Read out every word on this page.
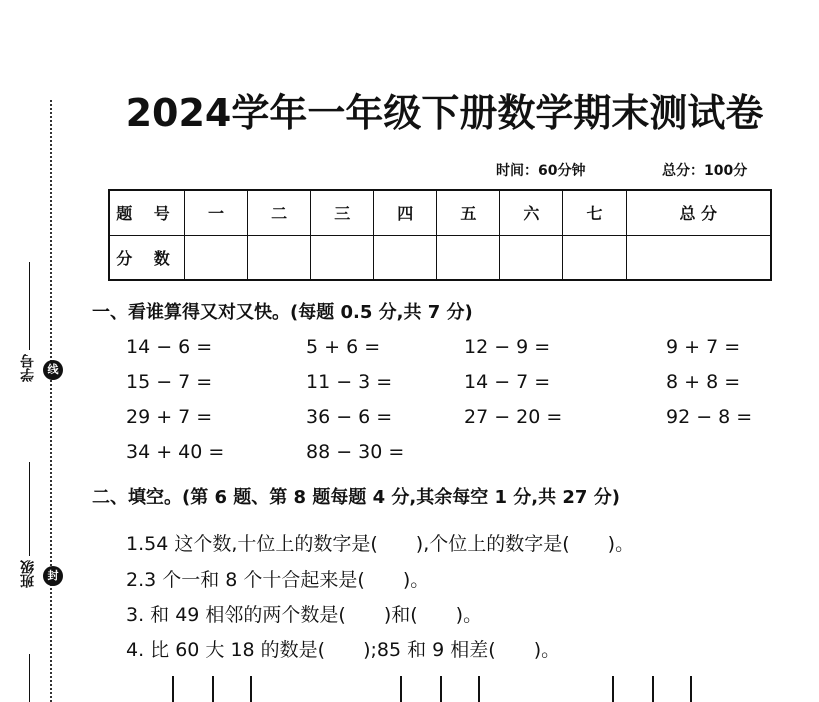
学号	线
班级	封
2024学年一年级下册数学期末测试卷
时间：60分钟	总分：100分
题 号	一	二	三	四	五	六	七	总 分
分 数								
一、看谁算得又对又快。(每题 0.5 分,共 7 分)
14 − 6 =	5 + 6 =	12 − 9 =	9 + 7 =
15 − 7 =	11 − 3 =	14 − 7 =	8 + 8 =
29 + 7 =	36 − 6 =	27 − 20 =	92 − 8 =
34 + 40 =	88 − 30 =
二、填空。(第 6 题、第 8 题每题 4 分,其余每空 1 分,共 27 分)
1.54 这个数,十位上的数字是(　　),个位上的数字是(　　)。
2.3 个一和 8 个十合起来是(　　)。
3. 和 49 相邻的两个数是(　　)和(　　)。
4. 比 60 大 18 的数是(　　);85 和 9 相差(　　)。
